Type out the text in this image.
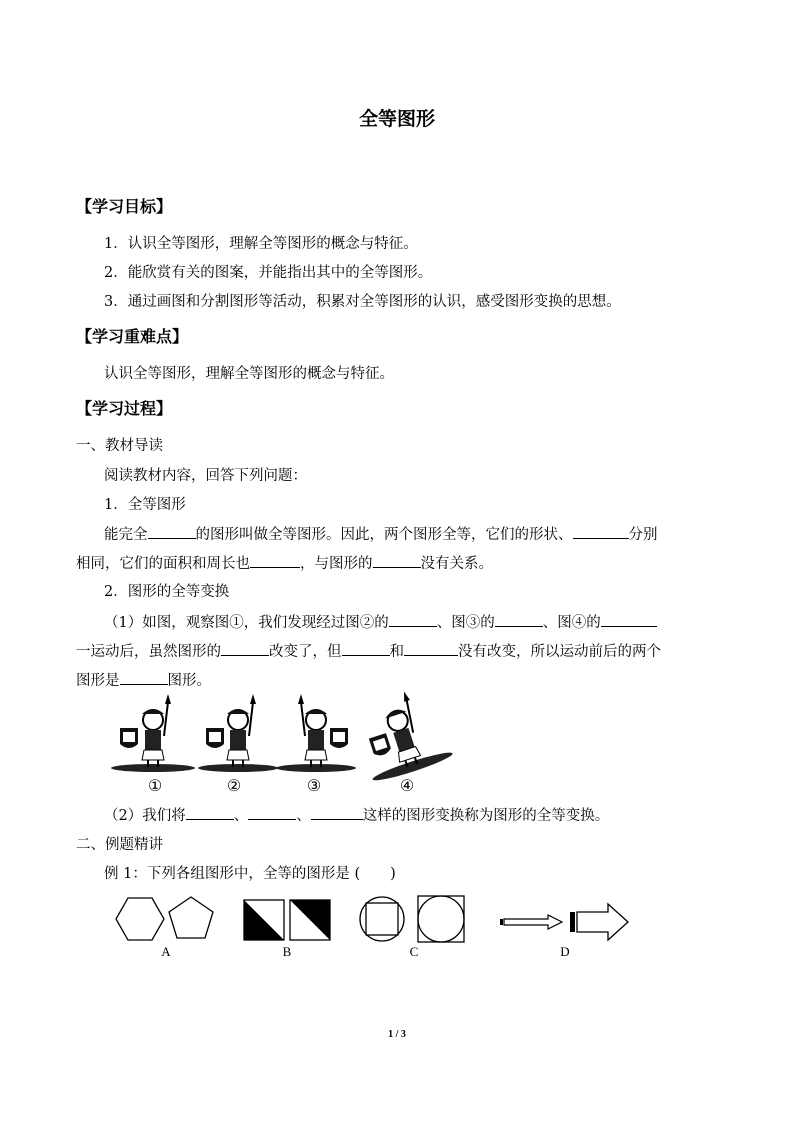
全等图形
【学习目标】
1．认识全等图形，理解全等图形的概念与特征。
2．能欣赏有关的图案，并能指出其中的全等图形。
3．通过画图和分割图形等活动，积累对全等图形的认识，感受图形变换的思想。
【学习重难点】
认识全等图形，理解全等图形的概念与特征。
【学习过程】
一、教材导读
阅读教材内容，回答下列问题：
1．全等图形
能完全	的图形叫做全等图形。因此，两个图形全等，它们的形状、	分别
相同，它们的面积和周长也	，与图形的	没有关系。
2．图形的全等变换
（1）如图，观察图①，我们发现经过图②的	、图③的	、图④的
一运动后，虽然图形的	改变了，但	和	没有改变，所以运动前后的两个
图形是	图形。
①	②	③	④
（2）我们将	、	、	这样的图形变换称为图形的全等变换。
二、例题精讲
例 1：下列各组图形中，全等的图形是 ( )
A	B	C	D
1 / 3
